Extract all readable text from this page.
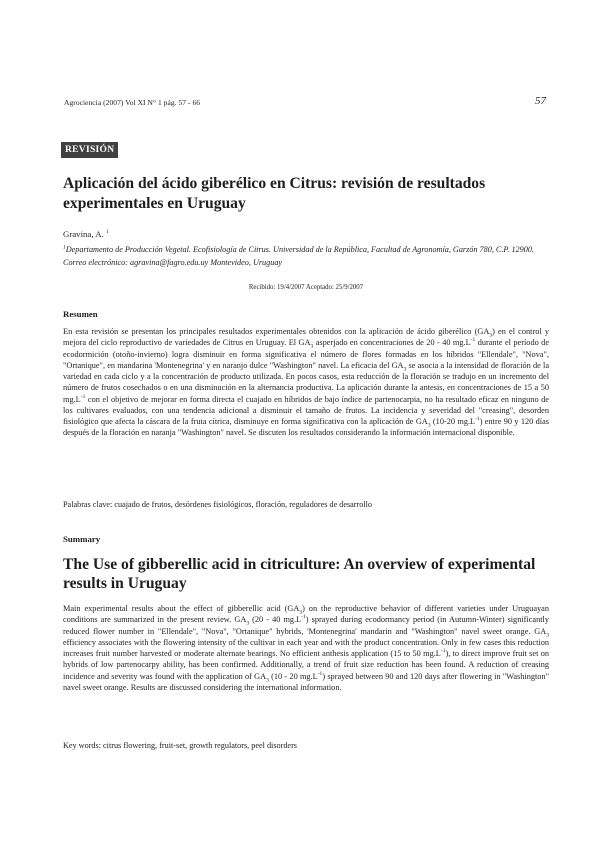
Agrociencia (2007) Vol XI N° 1 pág. 57 - 66	57
REVISIÓN
Aplicación del ácido giberélico en Citrus: revisión de resultados experimentales en Uruguay
Gravina, A. $^1$
$^1$Departamento de Producción Vegetal. Ecofisiología de Citrus. Universidad de la República, Facultad de Agronomía, Garzón 780, C.P. 12900. Correo electrónico: agravina@fagro.edu.uy Montevideo, Uruguay
Recibido: 19/4/2007 Aceptado: 25/9/2007
Resumen
En esta revisión se presentan los principales resultados experimentales obtenidos con la aplicación de ácido giberélico $(GA_3)$ en el control y mejora del ciclo reproductivo de variedades de Citrus en Uruguay. El $GA_3$ asperjado en concentraciones de 20 - 40 $mg.L^{-1}$ durante el período de ecodormición (otoño-invierno) logra disminuir en forma significativa el número de flores formadas en los híbridos "Ellendale", "Nova", "Ortanique", en mandarina 'Montenegrina' y en naranjo dulce "Washington" navel. La eficacia del $GA_3$ se asocia a la intensidad de floración de la variedad en cada ciclo y a la concentración de producto utilizada. En pocos casos, esta reducción de la floración se tradujo en un incremento del número de frutos cosechados o en una disminución en la alternancia productiva. La aplicación durante la antesis, en concentraciones de 15 a 50 $mg.L^{-1}$ con el objetivo de mejorar en forma directa el cuajado en híbridos de bajo índice de partenocarpia, no ha resultado eficaz en ninguno de los cultivares evaluados, con una tendencia adicional a disminuir el tamaño de frutos. La incidencia y severidad del "creasing", desorden fisiológico que afecta la cáscara de la fruta cítrica, disminuye en forma significativa con la aplicación de $GA_3$ (10-20 $mg.L^{-1}$) entre 90 y 120 días después de la floración en naranja "Washington" navel. Se discuten los resultados considerando la información internacional disponible.
Palabras clave: cuajado de frutos, desórdenes fisiológicos, floración, reguladores de desarrollo
Summary
The Use of gibberellic acid in citriculture: An overview of experimental results in Uruguay
Main experimental results about the effect of gibberellic acid $(GA_3)$ on the reproductive behavior of different varieties under Uruguayan conditions are summarized in the present review. $GA_3$ (20 - 40 $mg.L^{-1}$) sprayed during ecodormancy period (in Autumn-Winter) significantly reduced flower number in "Ellendale", "Nova", "Ortanique" hybrids, 'Montenegrina' mandarin and "Washington" navel sweet orange. $GA_3$ efficiency associates with the flowering intensity of the cultivar in each year and with the product concentration. Only in few cases this reduction increases fruit number harvested or moderate alternate bearings. No efficient anthesis application (15 to 50 $mg.L^{-1}$), to direct improve fruit set on hybrids of low partenocarpy ability, has been confirmed. Additionally, a trend of fruit size reduction has been found. A reduction of creasing incidence and severity was found with the application of $GA_3$ (10 - 20 $mg.L^{-1}$) sprayed between 90 and 120 days after flowering in "Washington" navel sweet orange. Results are discussed considering the international information.
Key words: citrus flowering, fruit-set, growth regulators, peel disorders
